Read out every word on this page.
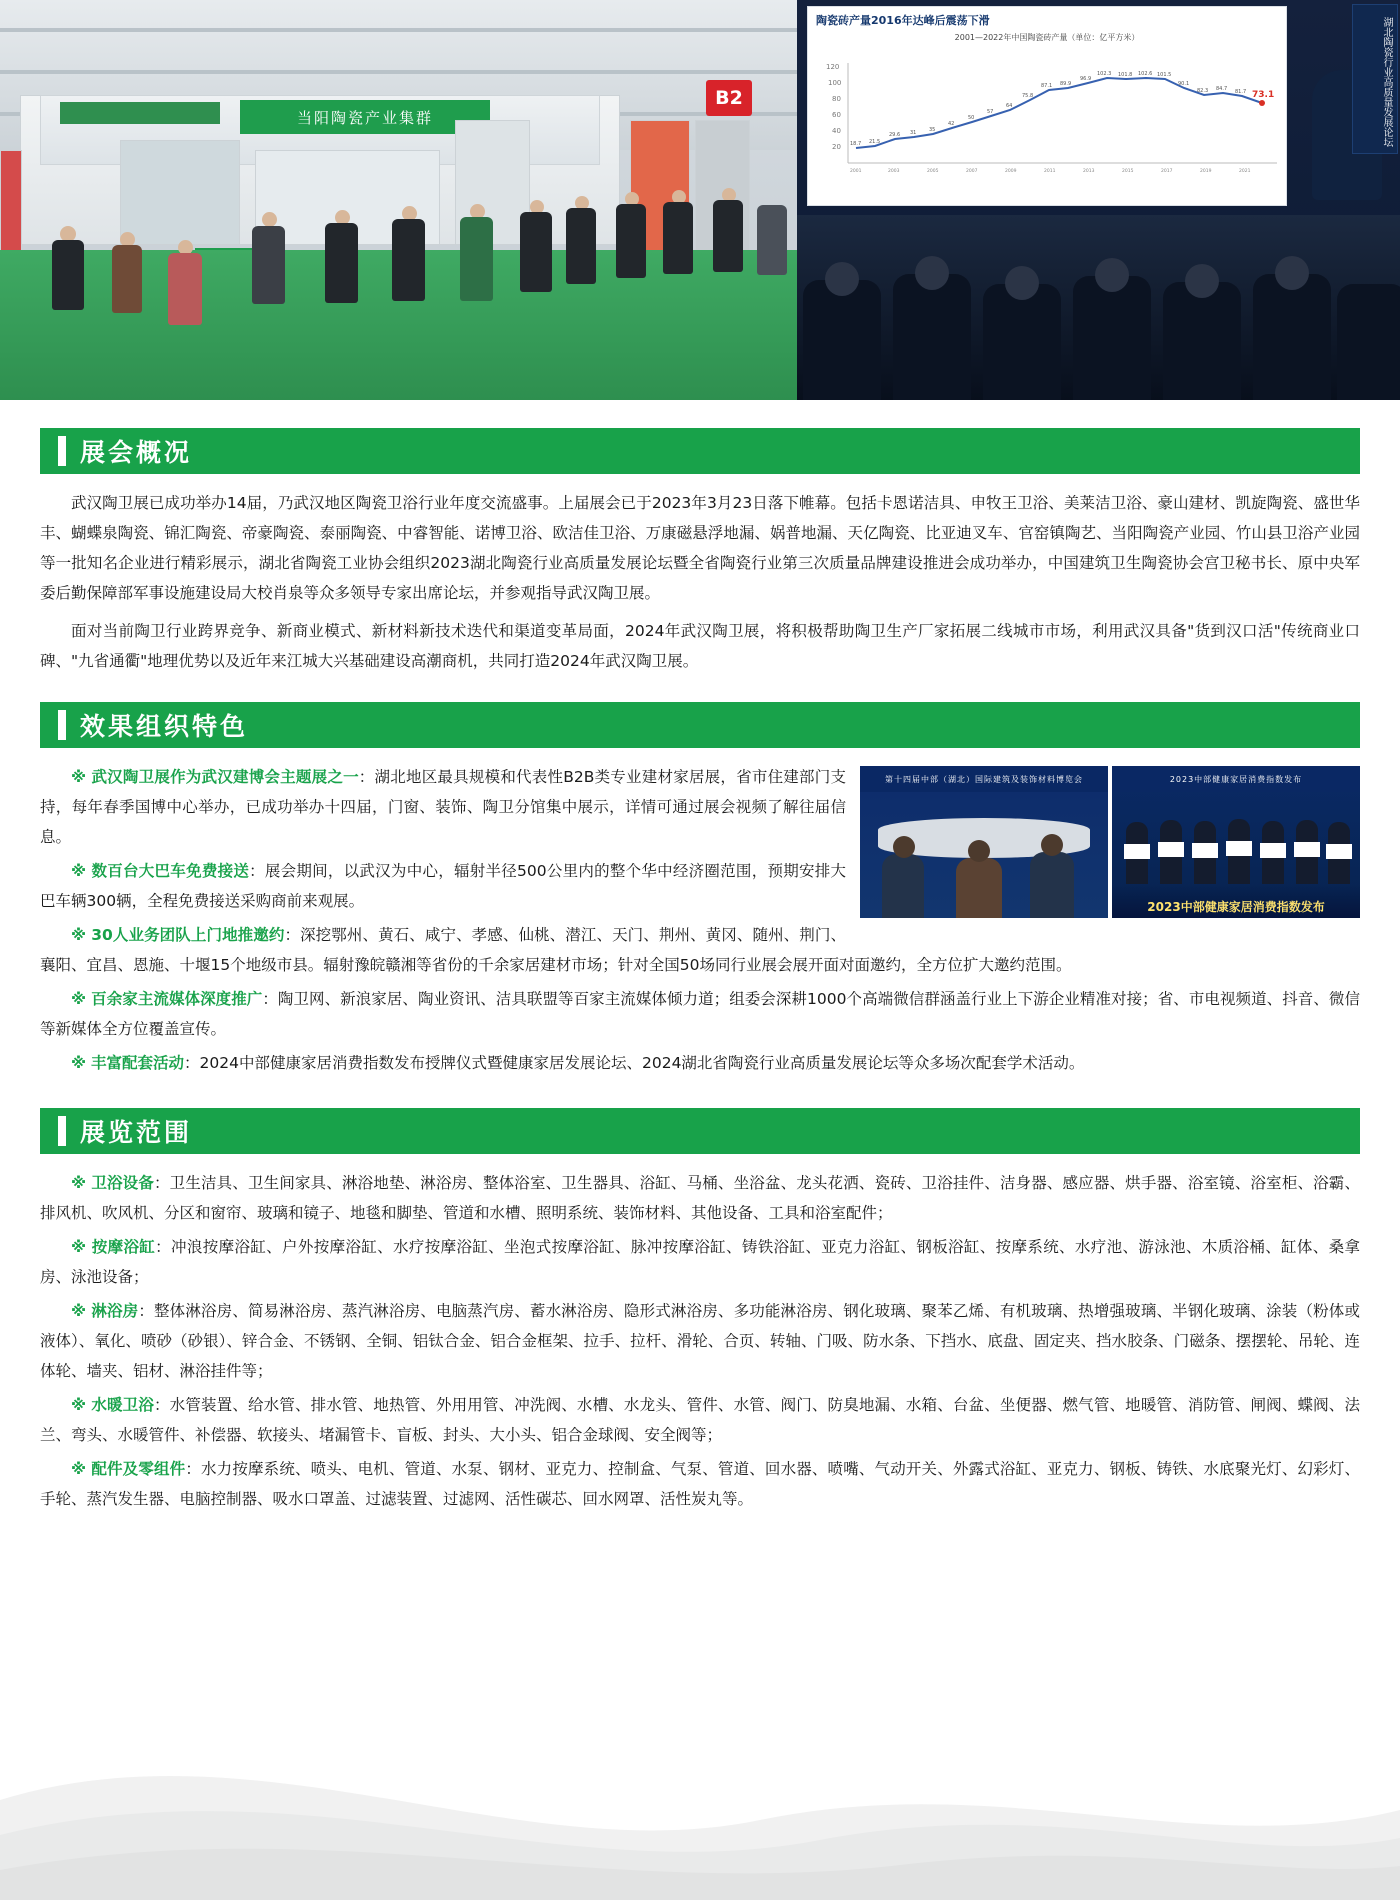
当阳陶瓷产业集群
B2
陶瓷砖产量2016年达峰后震荡下滑
2001—2022年中国陶瓷砖产量（单位：亿平方米）
120
100
80
60
40
20 18.7 21.5
29.6 31	35
42
50
57
64
75.8
87.1 89.9
96.9
102.3 101.8 102.6 101.5
90.1
82.3 84.7 81.7 73.1
2001	2003	2005	2007	2009	2011	2013	2015	2017	2019	2021
湖北陶瓷行业高质量发展论坛
展会概况

武汉陶卫展已成功举办14届，乃武汉地区陶瓷卫浴行业年度交流盛事。上届展会已于2023年3月23日落下帷幕。包括卡恩诺洁具、申牧王卫浴、美莱洁卫浴、豪山建材、凯旋陶瓷、盛世华丰、蝴蝶泉陶瓷、锦汇陶瓷、帝豪陶瓷、泰丽陶瓷、中睿智能、诺博卫浴、欧洁佳卫浴、万康磁悬浮地漏、娲普地漏、天亿陶瓷、比亚迪叉车、官窑镇陶艺、当阳陶瓷产业园、竹山县卫浴产业园等一批知名企业进行精彩展示，湖北省陶瓷工业协会组织2023湖北陶瓷行业高质量发展论坛暨全省陶瓷行业第三次质量品牌建设推进会成功举办，中国建筑卫生陶瓷协会宫卫秘书长、原中央军委后勤保障部军事设施建设局大校肖泉等众多领导专家出席论坛，并参观指导武汉陶卫展。

面对当前陶卫行业跨界竞争、新商业模式、新材料新技术迭代和渠道变革局面，2024年武汉陶卫展，将积极帮助陶卫生产厂家拓展二线城市市场，利用武汉具备"货到汉口活"传统商业口碑、"九省通衢"地理优势以及近年来江城大兴基础建设高潮商机，共同打造2024年武汉陶卫展。

效果组织特色
第十四届中部（湖北）国际建筑及装饰材料博览会	2023中部健康家居消费指数发布
2023中部健康家居消费指数发布
※ 武汉陶卫展作为武汉建博会主题展之一：湖北地区最具规模和代表性B2B类专业建材家居展，省市住建部门支持，每年春季国博中心举办，已成功举办十四届，门窗、装饰、陶卫分馆集中展示，详情可通过展会视频了解往届信息。
※ 数百台大巴车免费接送：展会期间，以武汉为中心，辐射半径500公里内的整个华中经济圈范围，预期安排大巴车辆300辆，全程免费接送采购商前来观展。
※ 30人业务团队上门地推邀约：深挖鄂州、黄石、咸宁、孝感、仙桃、潜江、天门、荆州、黄冈、随州、荆门、襄阳、宜昌、恩施、十堰15个地级市县。辐射豫皖赣湘等省份的千余家居建材市场；针对全国50场同行业展会展开面对面邀约，全方位扩大邀约范围。
※ 百余家主流媒体深度推广：陶卫网、新浪家居、陶业资讯、洁具联盟等百家主流媒体倾力道；组委会深耕1000个高端微信群涵盖行业上下游企业精准对接；省、市电视频道、抖音、微信等新媒体全方位覆盖宣传。
※ 丰富配套活动：2024中部健康家居消费指数发布授牌仪式暨健康家居发展论坛、2024湖北省陶瓷行业高质量发展论坛等众多场次配套学术活动。
展览范围
※ 卫浴设备：卫生洁具、卫生间家具、淋浴地垫、淋浴房、整体浴室、卫生器具、浴缸、马桶、坐浴盆、龙头花洒、瓷砖、卫浴挂件、洁身器、感应器、烘手器、浴室镜、浴室柜、浴霸、排风机、吹风机、分区和窗帘、玻璃和镜子、地毯和脚垫、管道和水槽、照明系统、装饰材料、其他设备、工具和浴室配件；
※ 按摩浴缸：冲浪按摩浴缸、户外按摩浴缸、水疗按摩浴缸、坐泡式按摩浴缸、脉冲按摩浴缸、铸铁浴缸、亚克力浴缸、钢板浴缸、按摩系统、水疗池、游泳池、木质浴桶、缸体、桑拿房、泳池设备；
※ 淋浴房：整体淋浴房、简易淋浴房、蒸汽淋浴房、电脑蒸汽房、蓄水淋浴房、隐形式淋浴房、多功能淋浴房、钢化玻璃、聚苯乙烯、有机玻璃、热增强玻璃、半钢化玻璃、涂装（粉体或液体）、氧化、喷砂（砂银）、锌合金、不锈钢、全铜、铝钛合金、铝合金框架、拉手、拉杆、滑轮、合页、转轴、门吸、防水条、下挡水、底盘、固定夹、挡水胶条、门磁条、摆摆轮、吊轮、连体轮、墙夹、铝材、淋浴挂件等；
※ 水暖卫浴：水管装置、给水管、排水管、地热管、外用用管、冲洗阀、水槽、水龙头、管件、水管、阀门、防臭地漏、水箱、台盆、坐便器、燃气管、地暖管、消防管、闸阀、蝶阀、法兰、弯头、水暖管件、补偿器、软接头、堵漏管卡、盲板、封头、大小头、铝合金球阀、安全阀等；
※ 配件及零组件：水力按摩系统、喷头、电机、管道、水泵、钢材、亚克力、控制盒、气泵、管道、回水器、喷嘴、气动开关、外露式浴缸、亚克力、钢板、铸铁、水底聚光灯、幻彩灯、手轮、蒸汽发生器、电脑控制器、吸水口罩盖、过滤装置、过滤网、活性碳芯、回水网罩、活性炭丸等。
